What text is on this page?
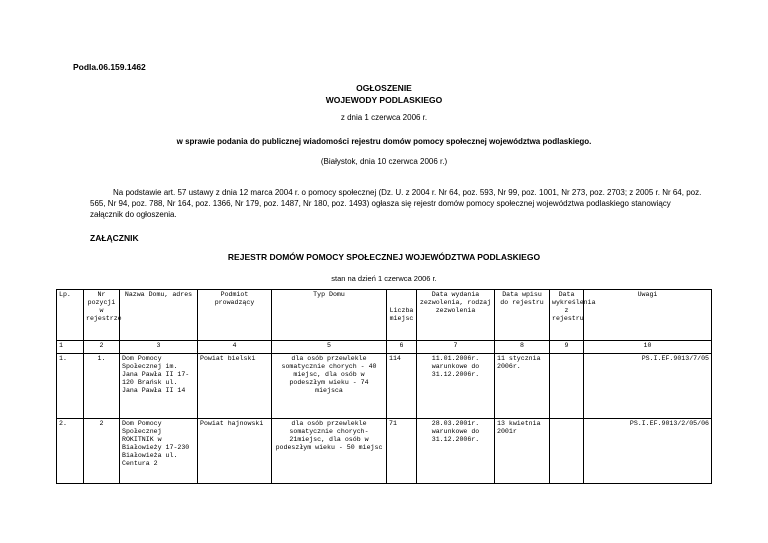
Podla.06.159.1462
OGŁOSZENIE
WOJEWODY PODLASKIEGO
z dnia 1 czerwca 2006 r.
w sprawie podania do publicznej wiadomości rejestru domów pomocy społecznej województwa podlaskiego.
(Białystok, dnia 10 czerwca 2006 r.)
Na podstawie art. 57 ustawy z dnia 12 marca 2004 r. o pomocy społecznej (Dz. U. z 2004 r. Nr 64, poz. 593, Nr 99, poz. 1001, Nr 273, poz. 2703; z 2005 r. Nr 64, poz. 565, Nr 94, poz. 788, Nr 164, poz. 1366, Nr 179, poz. 1487, Nr 180, poz. 1493) ogłasza się rejestr domów pomocy społecznej województwa podlaskiego stanowiący załącznik do ogłoszenia.
ZAŁĄCZNIK
REJESTR DOMÓW POMOCY SPOŁECZNEJ WOJEWÓDZTWA PODLASKIEGO
stan na dzień 1 czerwca 2006 r.
Lp.	Nr pozycji w rejestrze	Nazwa Domu, adres	Podmiot prowadzący	Typ Domu	Liczba miejsc	Data wydania zezwolenia, rodzaj zezwolenia	Data wpisu do rejestru	Data wykreślenia z rejestru	Uwagi
1	2	3	4	5	6	7	8	9	10
1.	1.	Dom Pomocy Społecznej im. Jana Pawła II 17-120 Brańsk ul. Jana Pawła II 14	Powiat bielski	dla osób przewlekle somatycznie chorych - 40 miejsc, dla osób w podeszłym wieku - 74 miejsca	114	11.01.2006r. warunkowe do 31.12.2006r.	11 stycznia 2006r.		PS.I.EF.9013/7/05
2.	2	Dom Pomocy Społecznej ROKITNIK w Białowieży 17-230 Białowieża ul. Centura 2	Powiat hajnowski	dla osób przewlekle somatycznie chorych-21miejsc, dla osób w podeszłym wieku - 50 miejsc	71	28.03.2001r. warunkowe do 31.12.2006r.	13 kwietnia 2001r		PS.I.EF.9013/2/05/06
